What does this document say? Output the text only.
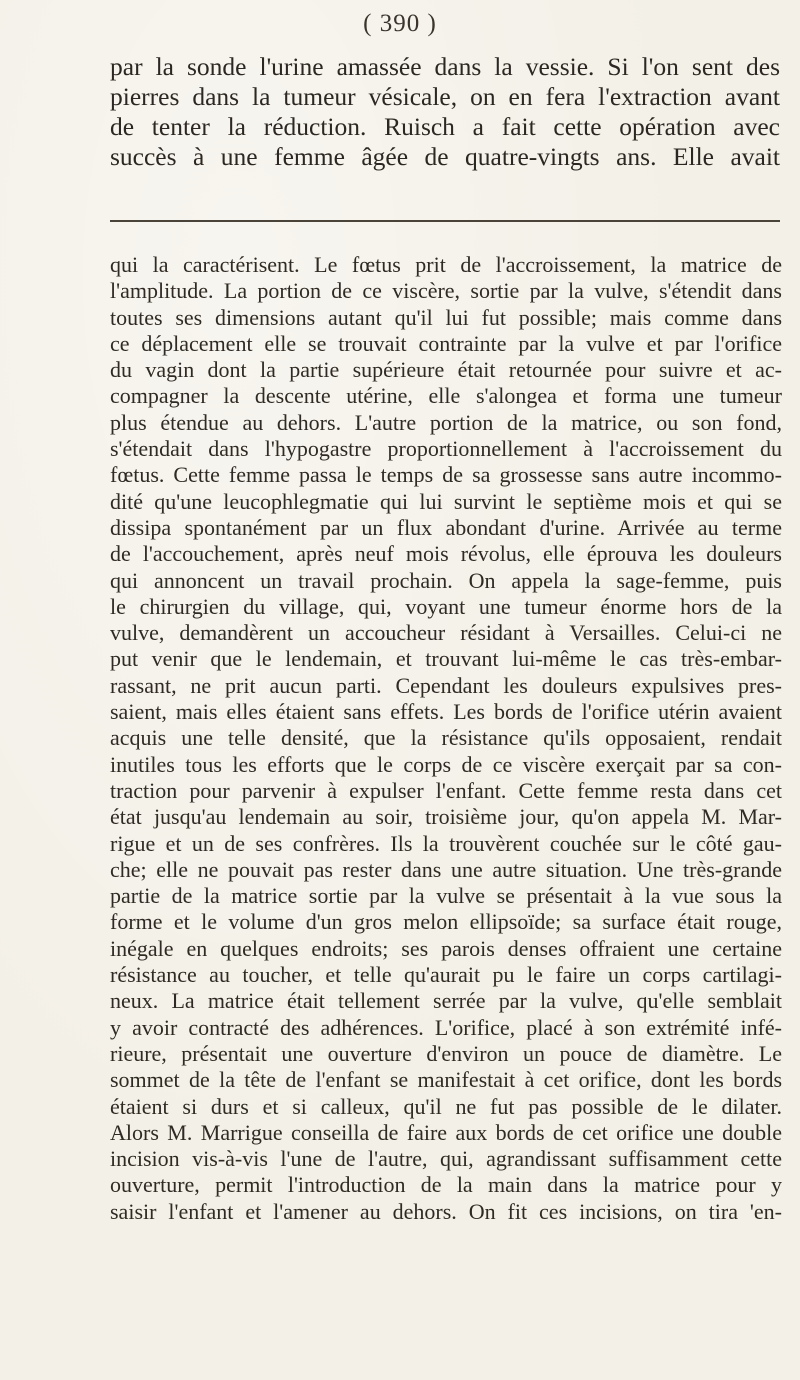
( 390 )

par la sonde l'urine amassée dans la vessie. Si l'on sent des

pierres dans la tumeur vésicale, on en fera l'extraction avant

de tenter la réduction. Ruisch a fait cette opération avec

succès à une femme âgée de quatre-vingts ans. Elle avait

qui la caractérisent. Le fœtus prit de l'accroissement, la matrice de

l'amplitude. La portion de ce viscère, sortie par la vulve, s'étendit dans

toutes ses dimensions autant qu'il lui fut possible; mais comme dans

ce déplacement elle se trouvait contrainte par la vulve et par l'orifice

du vagin dont la partie supérieure était retournée pour suivre et ac-

compagner la descente utérine, elle s'alongea et forma une tumeur

plus étendue au dehors. L'autre portion de la matrice, ou son fond,

s'étendait dans l'hypogastre proportionnellement à l'accroissement du

fœtus. Cette femme passa le temps de sa grossesse sans autre incommo-

dité qu'une leucophlegmatie qui lui survint le septième mois et qui se

dissipa spontanément par un flux abondant d'urine. Arrivée au terme

de l'accouchement, après neuf mois révolus, elle éprouva les douleurs

qui annoncent un travail prochain. On appela la sage-femme, puis

le chirurgien du village, qui, voyant une tumeur énorme hors de la

vulve, demandèrent un accoucheur résidant à Versailles. Celui-ci ne

put venir que le lendemain, et trouvant lui-même le cas très-embar-

rassant, ne prit aucun parti. Cependant les douleurs expulsives pres-

saient, mais elles étaient sans effets. Les bords de l'orifice utérin avaient

acquis une telle densité, que la résistance qu'ils opposaient, rendait

inutiles tous les efforts que le corps de ce viscère exerçait par sa con-

traction pour parvenir à expulser l'enfant. Cette femme resta dans cet

état jusqu'au lendemain au soir, troisième jour, qu'on appela M. Mar-

rigue et un de ses confrères. Ils la trouvèrent couchée sur le côté gau-

che; elle ne pouvait pas rester dans une autre situation. Une très-grande

partie de la matrice sortie par la vulve se présentait à la vue sous la

forme et le volume d'un gros melon ellipsoïde; sa surface était rouge,

inégale en quelques endroits; ses parois denses offraient une certaine

résistance au toucher, et telle qu'aurait pu le faire un corps cartilagi-

neux. La matrice était tellement serrée par la vulve, qu'elle semblait

y avoir contracté des adhérences. L'orifice, placé à son extrémité infé-

rieure, présentait une ouverture d'environ un pouce de diamètre. Le

sommet de la tête de l'enfant se manifestait à cet orifice, dont les bords

étaient si durs et si calleux, qu'il ne fut pas possible de le dilater.

Alors M. Marrigue conseilla de faire aux bords de cet orifice une double

incision vis-à-vis l'une de l'autre, qui, agrandissant suffisamment cette

ouverture, permit l'introduction de la main dans la matrice pour y

saisir l'enfant et l'amener au dehors. On fit ces incisions, on tira 'en-
